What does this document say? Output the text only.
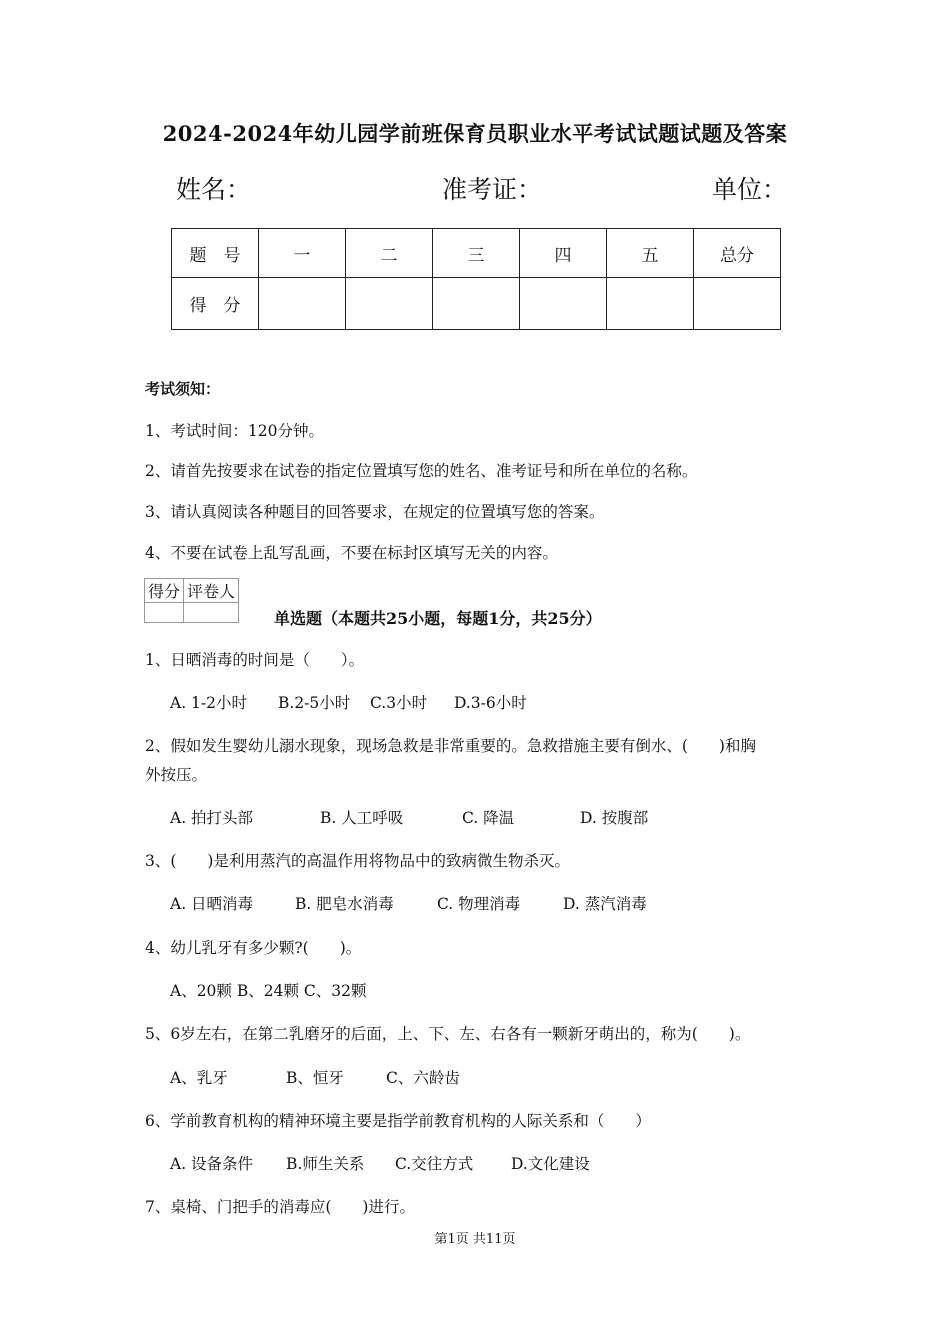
2024-2024年幼儿园学前班保育员职业水平考试试题试题及答案
姓名：	准考证：	单位：
题　号	一	二	三	四	五	总分
得　分						
考试须知：
1、考试时间：120分钟。
2、请首先按要求在试卷的指定位置填写您的姓名、准考证号和所在单位的名称。
3、请认真阅读各种题目的回答要求，在规定的位置填写您的答案。
4、不要在试卷上乱写乱画，不要在标封区填写无关的内容。
得分	评卷人

单选题（本题共25小题，每题1分，共25分）
1、日晒消毒的时间是（　　）。
A. 1-2小时 B.2-5小时 C.3小时 D.3-6小时
2、假如发生婴幼儿溺水现象，现场急救是非常重要的。急救措施主要有倒水、(　　)和胸
外按压。
A. 拍打头部	B. 人工呼吸	C. 降温	D. 按腹部
3、(　　)是利用蒸汽的高温作用将物品中的致病微生物杀灭。
A. 日晒消毒	B. 肥皂水消毒	C. 物理消毒	D. 蒸汽消毒
4、幼儿乳牙有多少颗?(　　)。
A、20颗 B、24颗 C、32颗
5、6岁左右，在第二乳磨牙的后面，上、下、左、右各有一颗新牙萌出的，称为(　　)。
A、乳牙	B、恒牙	C、六龄齿
6、学前教育机构的精神环境主要是指学前教育机构的人际关系和（　　）
A. 设备条件 B.师生关系 C.交往方式 D.文化建设
7、桌椅、门把手的消毒应(　　)进行。
第1页 共11页
